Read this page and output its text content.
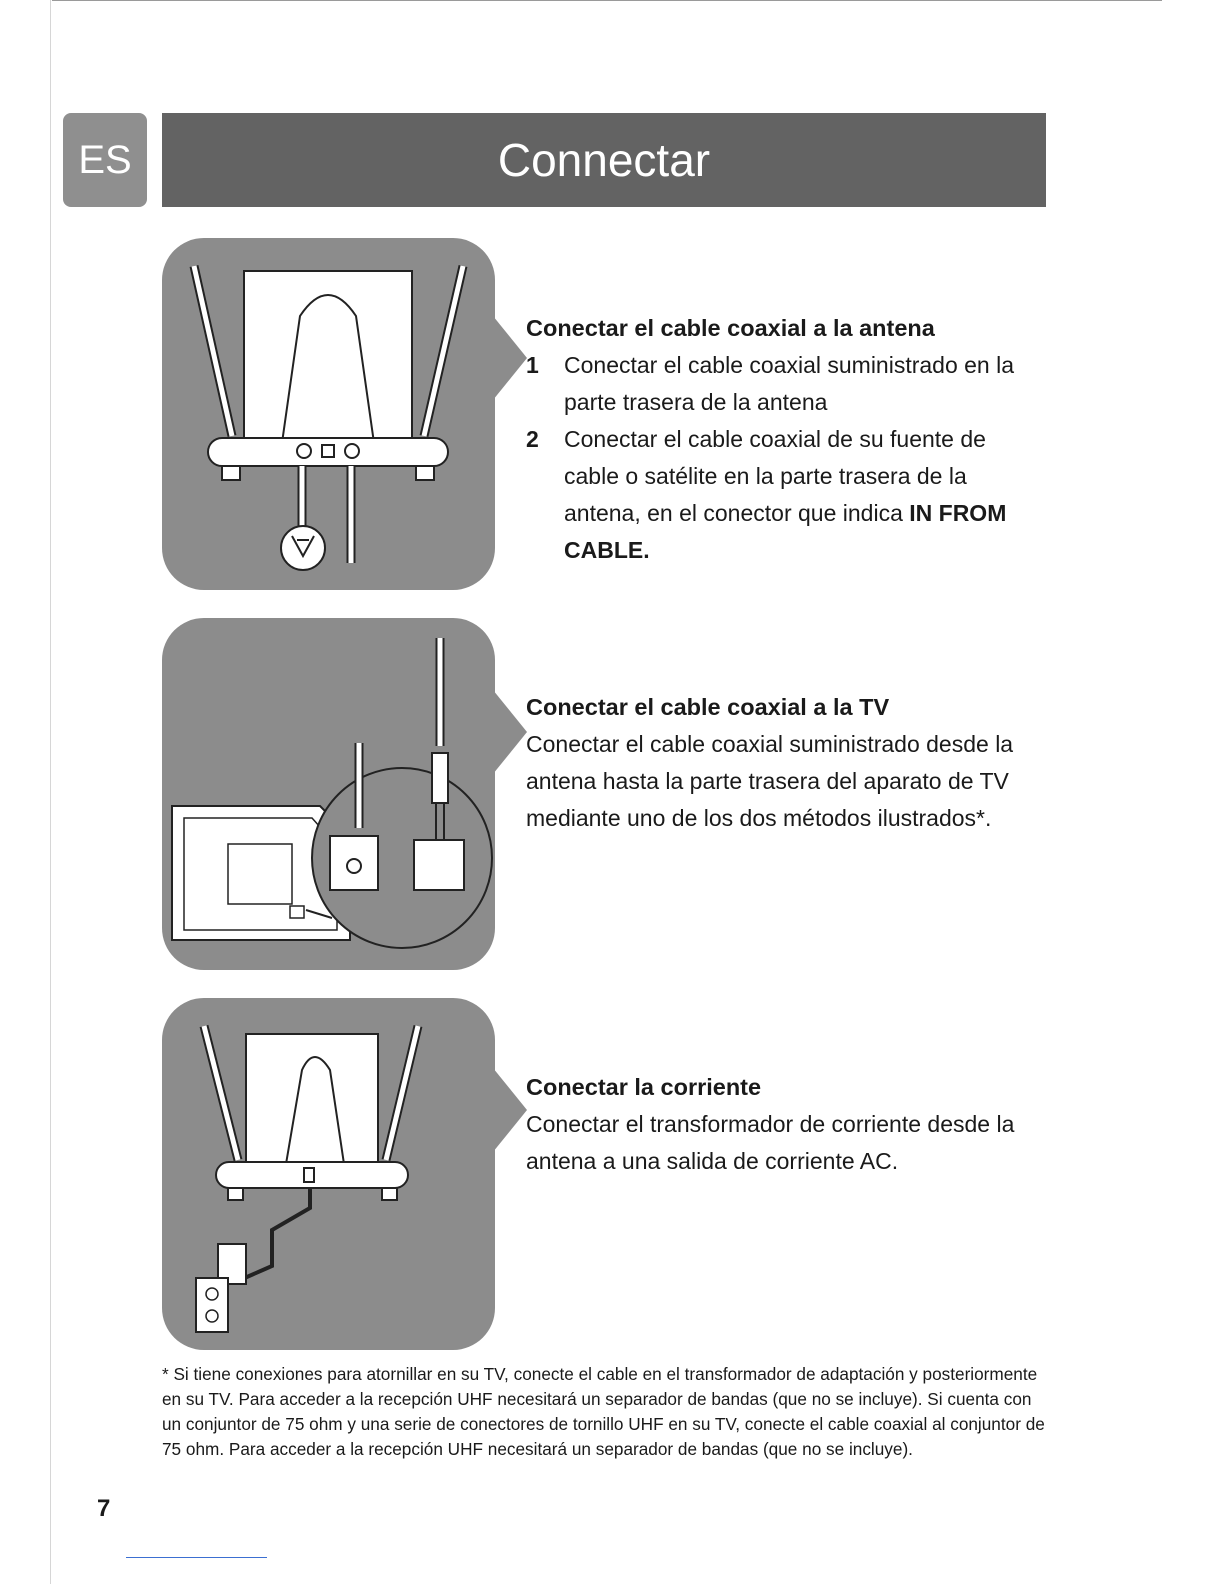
ES	Connectar
Conectar el cable coaxial a la antena
1	Conectar el cable coaxial suministrado en la parte trasera de la antena
2	Conectar el cable coaxial de su fuente de cable o satélite en la parte trasera de la antena, en el conector que indica IN FROM CABLE.
Conectar el cable coaxial a la TV
Conectar el cable coaxial suministrado desde la antena hasta la parte trasera del aparato de TV mediante uno de los dos métodos ilustrados*.
Conectar la corriente
Conectar el transformador de corriente desde la antena a una salida de corriente AC.
* Si tiene conexiones para atornillar en su TV, conecte el cable en el transformador de adaptación y posteriormente en su TV. Para acceder a la recepción UHF necesitará un separador de bandas (que no se incluye). Si cuenta con un conjuntor de 75 ohm y una serie de conectores de tornillo UHF en su TV, conecte el cable coaxial al conjuntor de 75 ohm. Para acceder a la recepción UHF necesitará un separador de bandas (que no se incluye).
7
